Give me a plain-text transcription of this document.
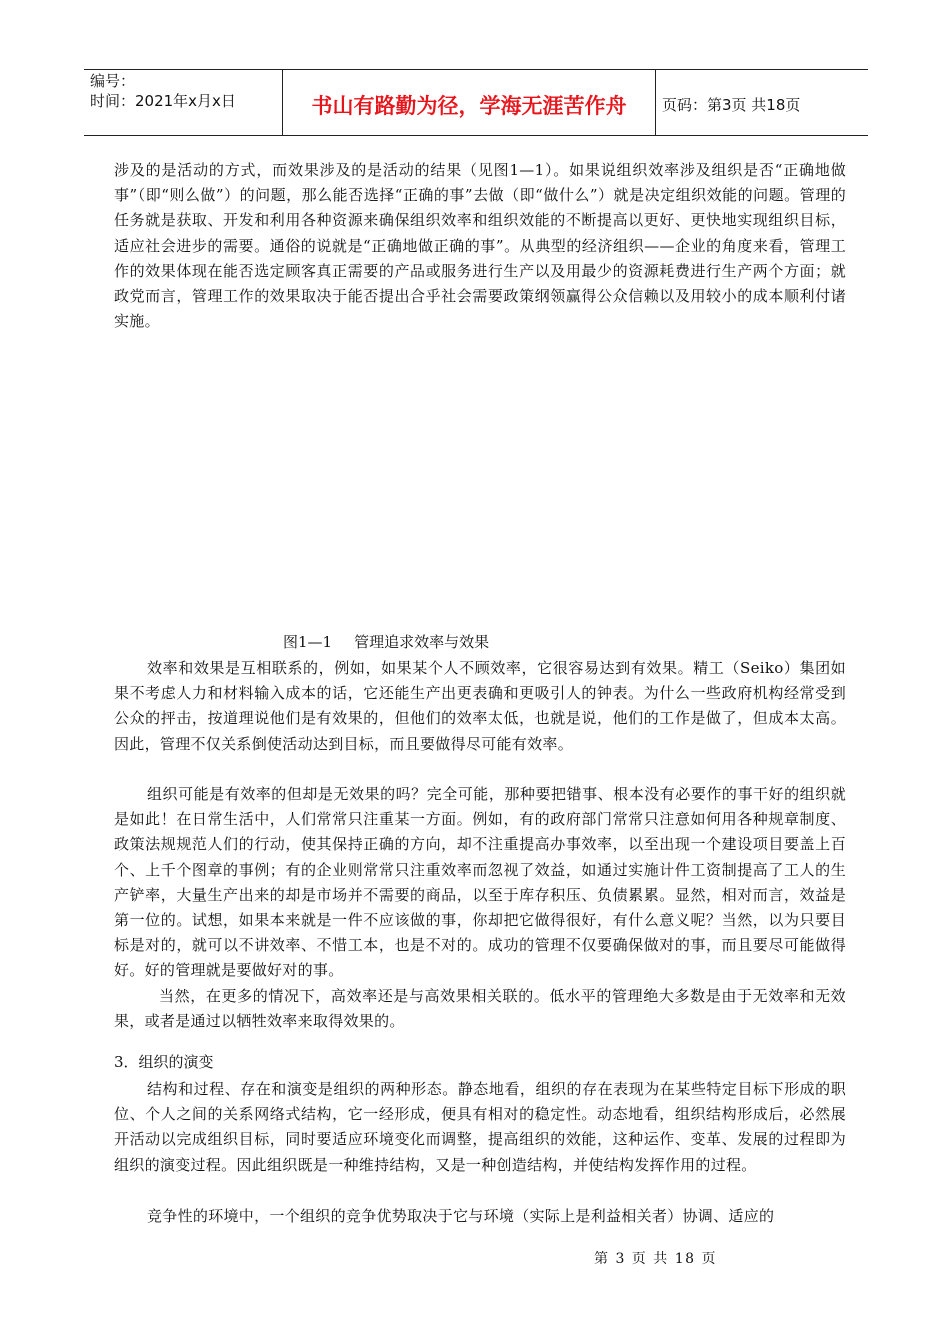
编号：
时间：2021年x月x日	书山有路勤为径，学海无涯苦作舟	页码：第3页 共18页

涉及的是活动的方式，而效果涉及的是活动的结果（见图1—1）。如果说组织效率涉及组织是否“正确地做事”（即“则么做”）的问题，那么能否选择“正确的事”去做（即“做什么”）就是决定组织效能的问题。管理的任务就是获取、开发和利用各种资源来确保组织效率和组织效能的不断提高以更好、更快地实现组织目标，适应社会进步的需要。通俗的说就是“正确地做正确的事”。从典型的经济组织——企业的角度来看，管理工作的效果体现在能否选定顾客真正需要的产品或服务进行生产以及用最少的资源耗费进行生产两个方面；就政党而言，管理工作的效果取决于能否提出合乎社会需要政策纲领赢得公众信赖以及用较小的成本顺利付诸实施。

图1—1 管理追求效率与效果

效率和效果是互相联系的，例如，如果某个人不顾效率，它很容易达到有效果。精工（Seiko）集团如果不考虑人力和材料输入成本的话，它还能生产出更表确和更吸引人的钟表。为什么一些政府机构经常受到公众的抨击，按道理说他们是有效果的，但他们的效率太低，也就是说，他们的工作是做了，但成本太高。因此，管理不仅关系倒使活动达到目标，而且要做得尽可能有效率。

组织可能是有效率的但却是无效果的吗？完全可能，那种要把错事、根本没有必要作的事干好的组织就是如此！在日常生活中，人们常常只注重某一方面。例如，有的政府部门常常只注意如何用各种规章制度、政策法规规范人们的行动，使其保持正确的方向，却不注重提高办事效率，以至出现一个建设项目要盖上百个、上千个图章的事例；有的企业则常常只注重效率而忽视了效益，如通过实施计件工资制提高了工人的生产铲率，大量生产出来的却是市场并不需要的商品，以至于库存积压、负债累累。显然，相对而言，效益是第一位的。试想，如果本来就是一件不应该做的事，你却把它做得很好，有什么意义呢？当然，以为只要目标是对的，就可以不讲效率、不惜工本，也是不对的。成功的管理不仅要确保做对的事，而且要尽可能做得好。好的管理就是要做好对的事。

当然，在更多的情况下，高效率还是与高效果相关联的。低水平的管理绝大多数是由于无效率和无效果，或者是通过以牺牲效率来取得效果的。

3．组织的演变

结构和过程、存在和演变是组织的两种形态。静态地看，组织的存在表现为在某些特定目标下形成的职位、个人之间的关系网络式结构，它一经形成，便具有相对的稳定性。动态地看，组织结构形成后，必然展开活动以完成组织目标，同时要适应环境变化而调整，提高组织的效能，这种运作、变革、发展的过程即为组织的演变过程。因此组织既是一种维持结构，又是一种创造结构，并使结构发挥作用的过程。

竞争性的环境中，一个组织的竞争优势取决于它与环境（实际上是利益相关者）协调、适应的

第 3 页 共 18 页
